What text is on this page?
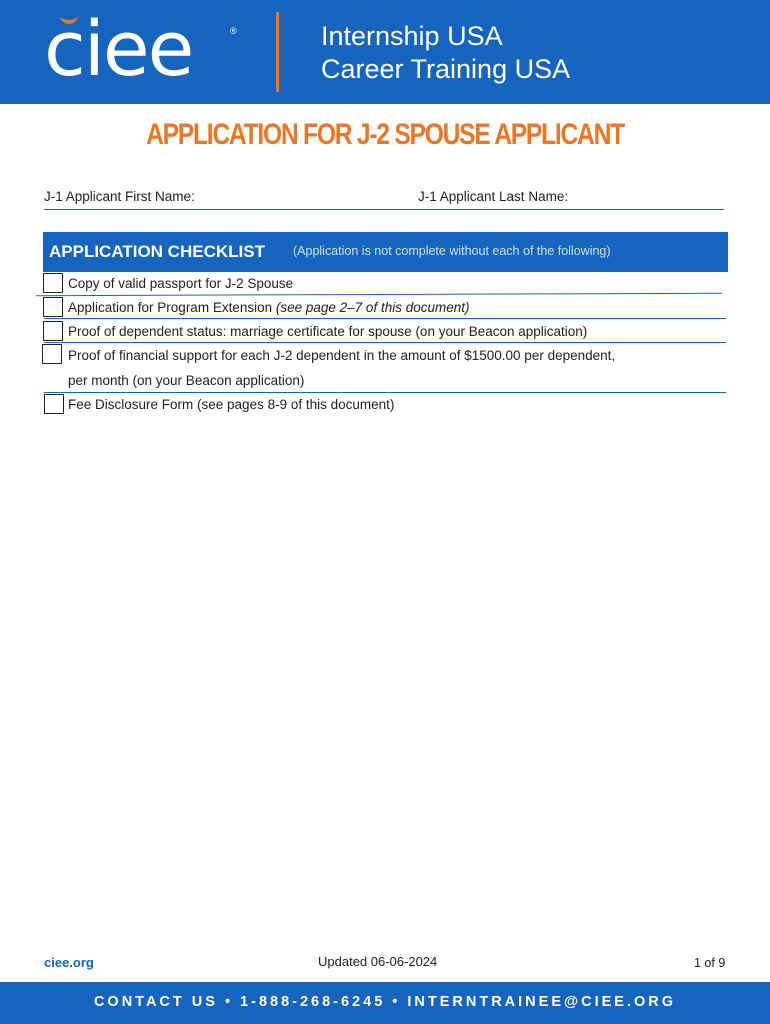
ciee	®	Internship USA
Career Training USA
APPLICATION FOR J-2 SPOUSE APPLICANT
J-1 Applicant First Name:	J-1 Applicant Last Name:
APPLICATION CHECKLIST (Application is not complete without each of the following)
Copy of valid passport for J-2 Spouse
Application for Program Extension (see page 2–7 of this document)
Proof of dependent status: marriage certificate for spouse (on your Beacon application)
Proof of financial support for each J-2 dependent in the amount of $1500.00 per dependent,
per month (on your Beacon application)
Fee Disclosure Form (see pages 8-9 of this document)
ciee.org	Updated 06-06-2024	1 of 9
CONTACT US • 1-888-268-6245 • INTERNTRAINEE@CIEE.ORG
